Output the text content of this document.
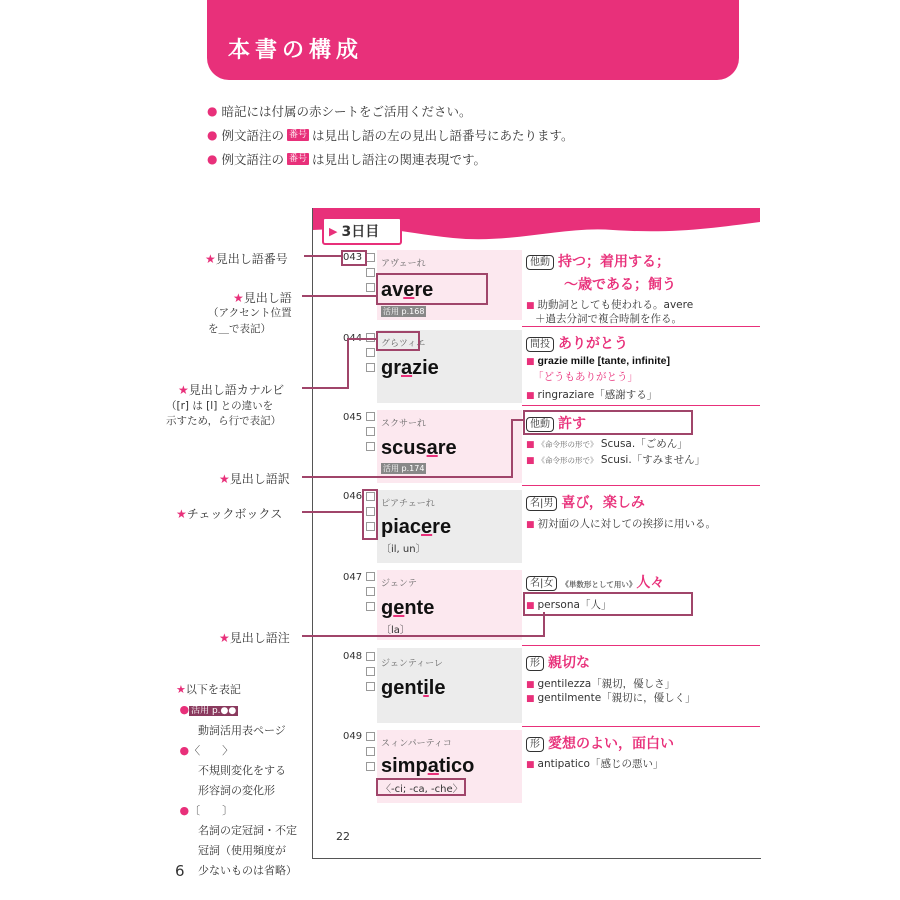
本書の構成
● 暗記には付属の赤シートをご活用ください。
● 例文語注の 番号 は見出し語の左の見出し語番号にあたります。
● 例文語注の 番号 は見出し語注の関連表現です。
▶ 3日目
043
アヴェーれ
avere
活用 p.168
他動 持つ；着用する；
～歳である；飼う
■ 助動詞としても使われる。avere
＋過去分詞で複合時制を作る。
044 グらツィエ
grazie
間投 ありがとう
■ grazie mille [tante, infinite]
「どうもありがとう」
■ ringraziare「感謝する」
045
スクサーれ
scusare
活用 p.174
他動 許す
■ 《命令形の形で》 Scusa.「ごめん」
■ 《命令形の形で》 Scusi.「すみません」
046
ピアチェーれ
piacere
〔il, un〕
名|男 喜び，楽しみ
■ 初対面の人に対しての挨拶に用いる。
047
ジェンテ
gente
〔la〕
名|女 《単数形として用い》人々
■ persona「人」
048
ジェンティーレ
gentile
形 親切な
■ gentilezza「親切，優しさ」
■ gentilmente「親切に，優しく」
049
スィンパーティコ
simpatico
〈-ci; -ca, -che〉
形 愛想のよい，面白い
■ antipatico「感じの悪い」
22
★見出し語番号
★見出し語
（アクセント位置
を＿で表記）
★見出し語カナルビ
（[r] は [l] との違いを
示すため，ら行で表記）
★見出し語訳
★チェックボックス
★見出し語注
★以下を表記
● 活用 p.●●
動詞活用表ページ
●〈　　〉
不規則変化をする
形容詞の変化形
●〔　　〕
名詞の定冠詞・不定
冠詞（使用頻度が
少ないものは省略）
6
